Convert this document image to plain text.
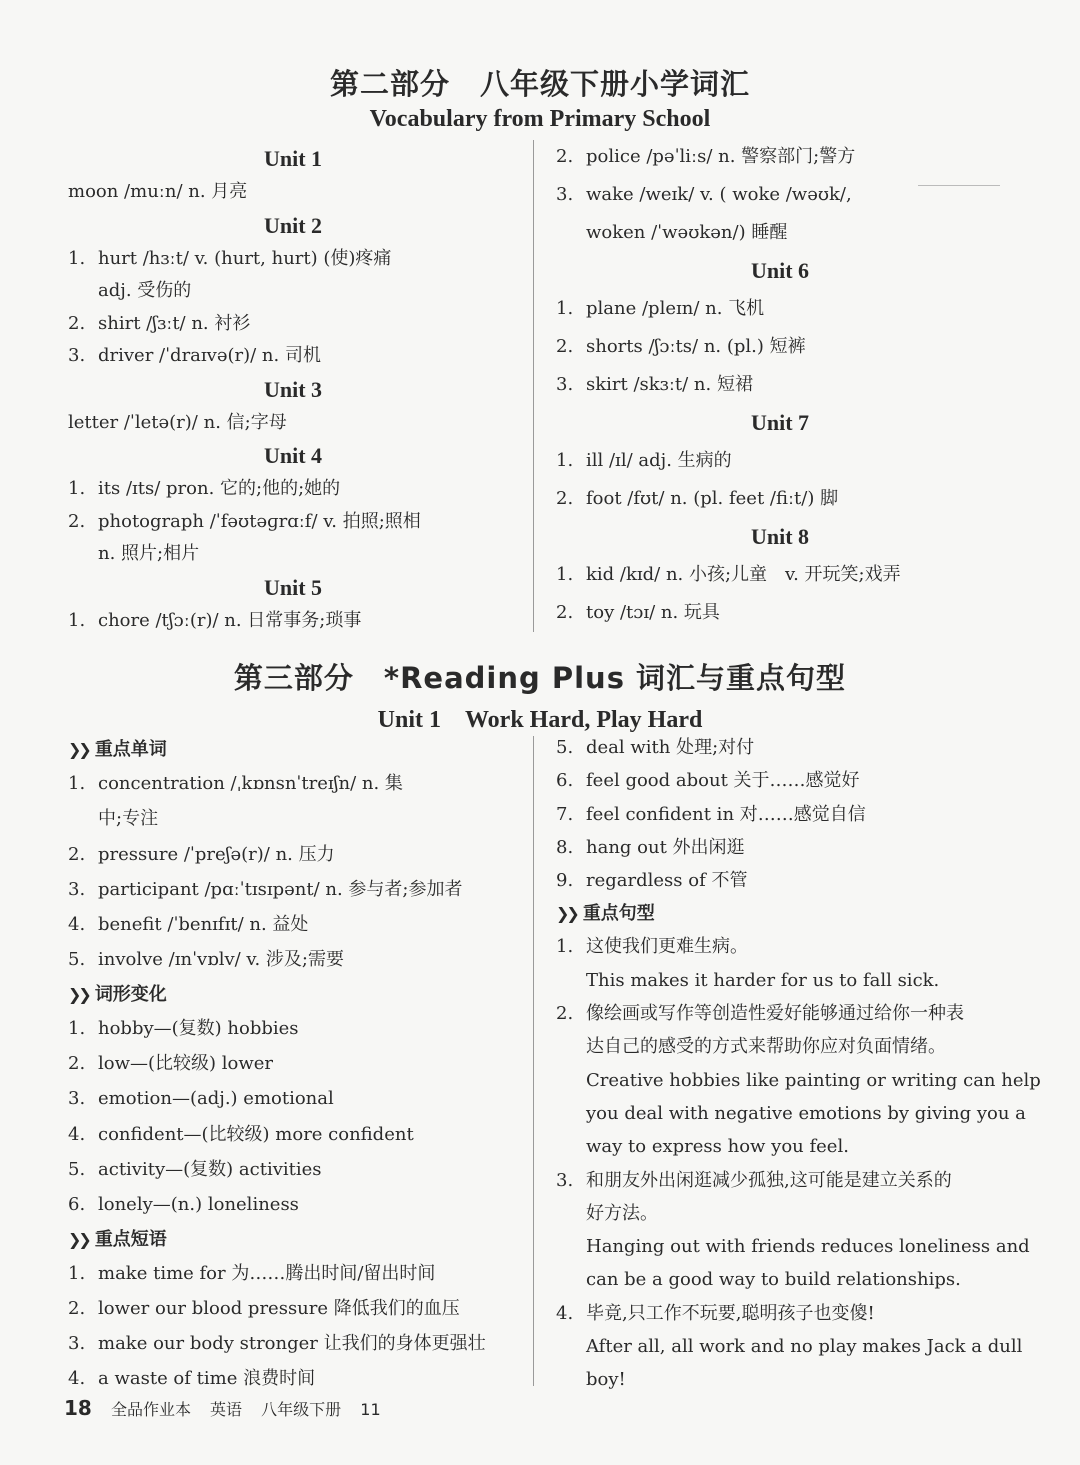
第二部分　八年级下册小学词汇
Vocabulary from Primary School
Unit 1
moon /muːn/ n. 月亮
Unit 2
1. hurt /hɜːt/ v. (hurt, hurt) (使)疼痛
adj. 受伤的
2. shirt /ʃɜːt/ n. 衬衫
3. driver /ˈdraɪvə(r)/ n. 司机
Unit 3
letter /ˈletə(r)/ n. 信;字母
Unit 4
1. its /ɪts/ pron. 它的;他的;她的
2. photograph /ˈfəʊtəɡrɑːf/ v. 拍照;照相
n. 照片;相片
Unit 5
1. chore /tʃɔː(r)/ n. 日常事务;琐事
2. police /pəˈliːs/ n. 警察部门;警方
3. wake /weɪk/ v. ( woke /wəʊk/,
woken /ˈwəʊkən/) 睡醒
Unit 6
1. plane /pleɪn/ n. 飞机
2. shorts /ʃɔːts/ n. (pl.) 短裤
3. skirt /skɜːt/ n. 短裙
Unit 7
1. ill /ɪl/ adj. 生病的
2. foot /fʊt/ n. (pl. feet /fiːt/) 脚
Unit 8
1. kid /kɪd/ n. 小孩;儿童　v. 开玩笑;戏弄
2. toy /tɔɪ/ n. 玩具
第三部分　*Reading Plus 词汇与重点句型
Unit 1　Work Hard, Play Hard
❯❯ 重点单词
1. concentration /ˌkɒnsnˈtreɪʃn/ n. 集
中;专注
2. pressure /ˈpreʃə(r)/ n. 压力
3. participant /pɑːˈtɪsɪpənt/ n. 参与者;参加者
4. benefit /ˈbenɪfɪt/ n. 益处
5. involve /ɪnˈvɒlv/ v. 涉及;需要
❯❯ 词形变化
1. hobby—(复数) hobbies
2. low—(比较级) lower
3. emotion—(adj.) emotional
4. confident—(比较级) more confident
5. activity—(复数) activities
6. lonely—(n.) loneliness
❯❯ 重点短语
1. make time for 为……腾出时间/留出时间
2. lower our blood pressure 降低我们的血压
3. make our body stronger 让我们的身体更强壮
4. a waste of time 浪费时间
5. deal with 处理;对付
6. feel good about 关于……感觉好
7. feel confident in 对……感觉自信
8. hang out 外出闲逛
9. regardless of 不管
❯❯ 重点句型
1. 这使我们更难生病。
This makes it harder for us to fall sick.
2. 像绘画或写作等创造性爱好能够通过给你一种表
达自己的感受的方式来帮助你应对负面情绪。
Creative hobbies like painting or writing can help
you deal with negative emotions by giving you a
way to express how you feel.
3. 和朋友外出闲逛减少孤独,这可能是建立关系的
好方法。
Hanging out with friends reduces loneliness and
can be a good way to build relationships.
4. 毕竟,只工作不玩要,聪明孩子也变傻!
After all, all work and no play makes Jack a dull
boy!
18 全品作业本 英语 八年级下册 11
